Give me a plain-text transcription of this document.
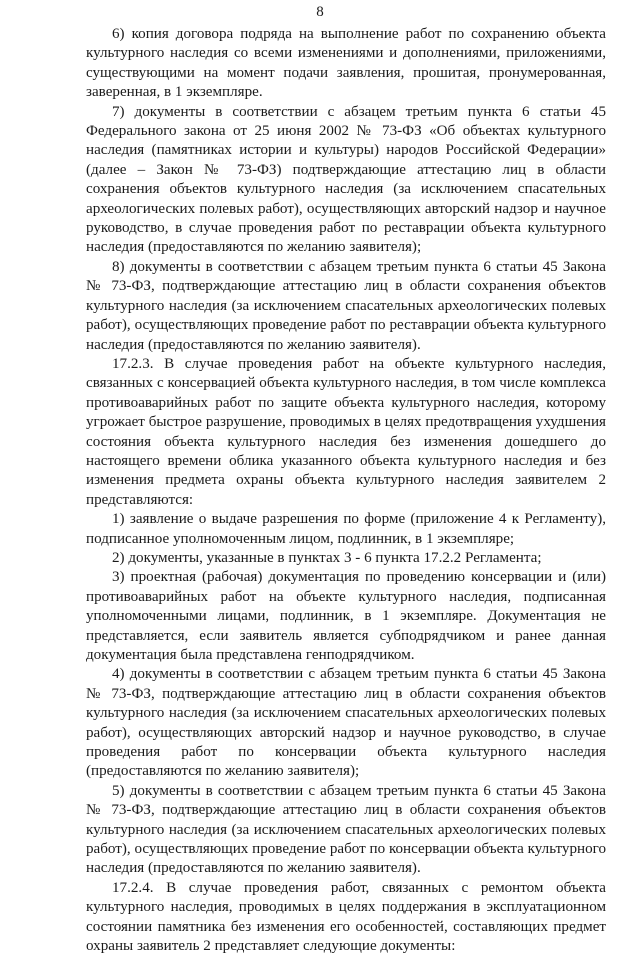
8

6) копия договора подряда на выполнение работ по сохранению объекта культурного наследия со всеми изменениями и дополнениями, приложениями, существующими на момент подачи заявления, прошитая, пронумерованная, заверенная, в 1 экземпляре.

7) документы в соответствии с абзацем третьим пункта 6 статьи 45 Федерального закона от 25 июня 2002 № 73-ФЗ «Об объектах культурного наследия (памятниках истории и культуры) народов Российской Федерации» (далее – Закон № 73-ФЗ) подтверждающие аттестацию лиц в области сохранения объектов культурного наследия (за исключением спасательных археологических полевых работ), осуществляющих авторский надзор и научное руководство, в случае проведения работ по реставрации объекта культурного наследия (предоставляются по желанию заявителя);

8) документы в соответствии с абзацем третьим пункта 6 статьи 45 Закона № 73-ФЗ, подтверждающие аттестацию лиц в области сохранения объектов культурного наследия (за исключением спасательных археологических полевых работ), осуществляющих проведение работ по реставрации объекта культурного наследия (предоставляются по желанию заявителя).

17.2.3. В случае проведения работ на объекте культурного наследия, связанных с консервацией объекта культурного наследия, в том числе комплекса противоаварийных работ по защите объекта культурного наследия, которому угрожает быстрое разрушение, проводимых в целях предотвращения ухудшения состояния объекта культурного наследия без изменения дошедшего до настоящего времени облика указанного объекта культурного наследия и без изменения предмета охраны объекта культурного наследия заявителем 2 представляются:

1) заявление о выдаче разрешения по форме (приложение 4 к Регламенту), подписанное уполномоченным лицом, подлинник, в 1 экземпляре;

2) документы, указанные в пунктах 3 - 6 пункта 17.2.2 Регламента;

3) проектная (рабочая) документация по проведению консервации и (или) противоаварийных работ на объекте культурного наследия, подписанная уполномоченными лицами, подлинник, в 1 экземпляре. Документация не представляется, если заявитель является субподрядчиком и ранее данная документация была представлена генподрядчиком.

4) документы в соответствии с абзацем третьим пункта 6 статьи 45 Закона № 73-ФЗ, подтверждающие аттестацию лиц в области сохранения объектов культурного наследия (за исключением спасательных археологических полевых работ), осуществляющих авторский надзор и научное руководство, в случае проведения работ по консервации объекта культурного наследия (предоставляются по желанию заявителя);

5) документы в соответствии с абзацем третьим пункта 6 статьи 45 Закона № 73-ФЗ, подтверждающие аттестацию лиц в области сохранения объектов культурного наследия (за исключением спасательных археологических полевых работ), осуществляющих проведение работ по консервации объекта культурного наследия (предоставляются по желанию заявителя).

17.2.4. В случае проведения работ, связанных с ремонтом объекта культурного наследия, проводимых в целях поддержания в эксплуатационном состоянии памятника без изменения его особенностей, составляющих предмет охраны заявитель 2 представляет следующие документы:
